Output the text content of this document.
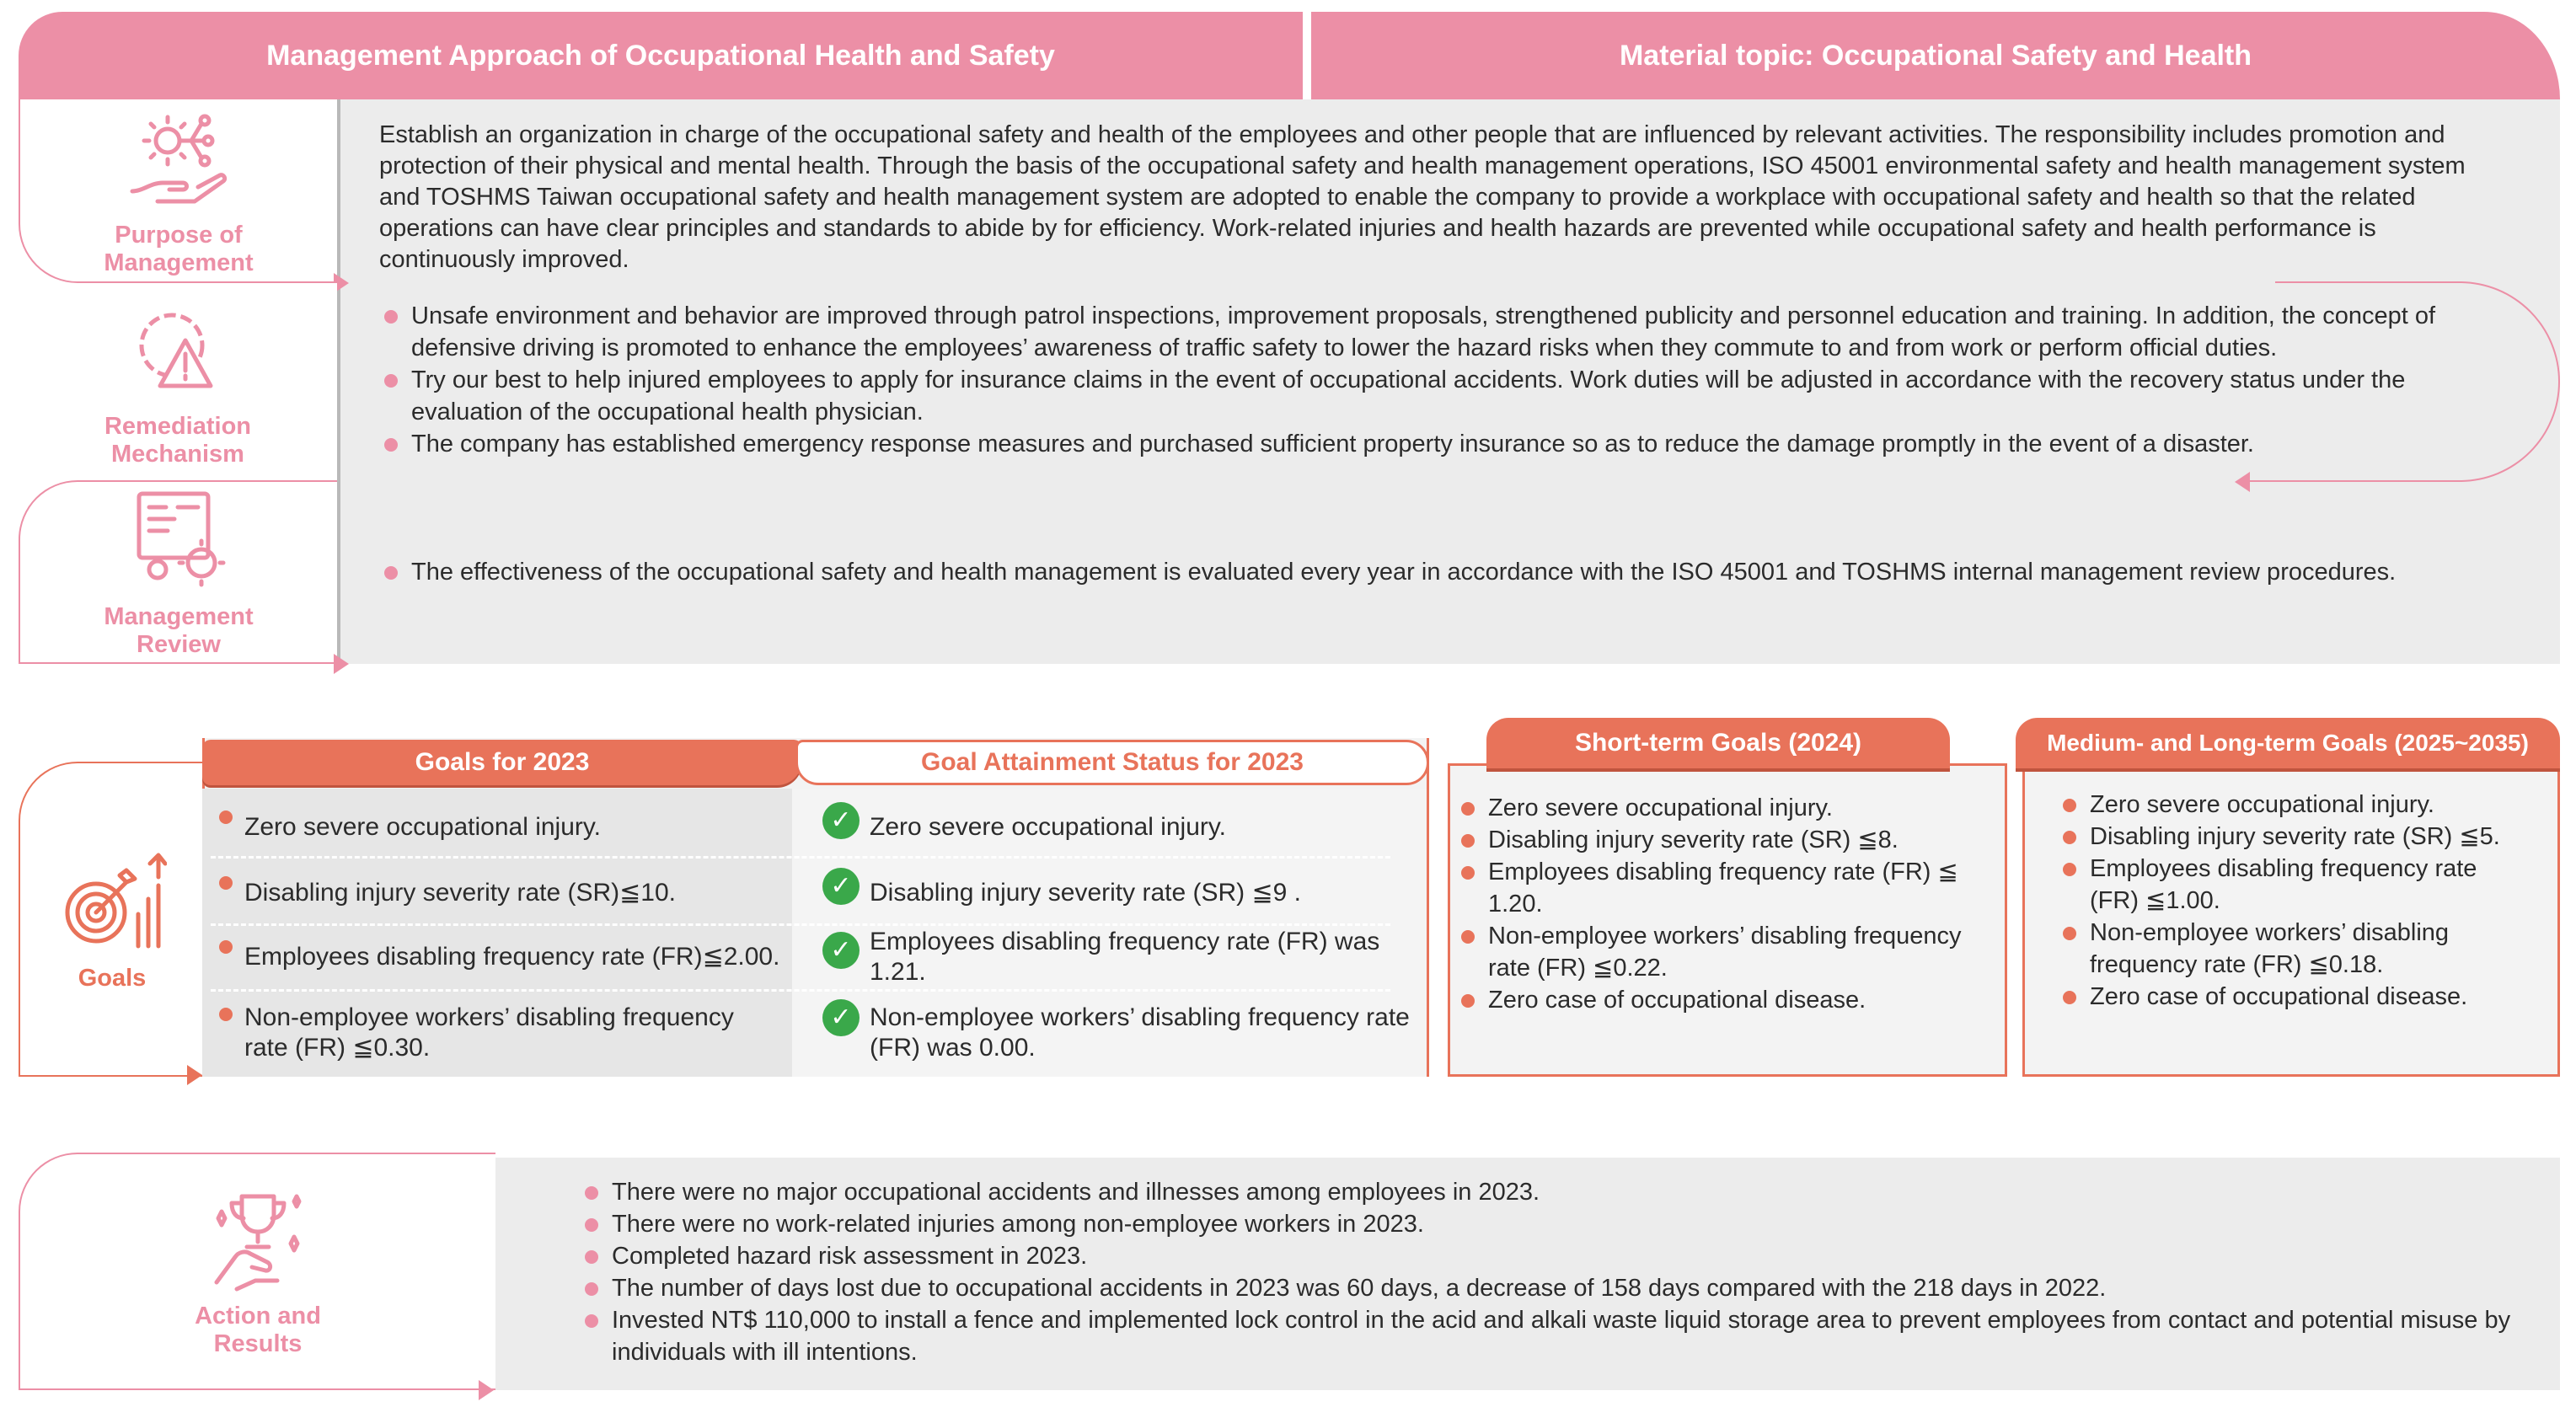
Management Approach of Occupational Health and Safety	Material topic: Occupational Safety and Health
Purpose of
Management
Remediation
Mechanism
Management
Review
Establish an organization in charge of the occupational safety and health of the employees and other people that are influenced by relevant activities. The responsibility includes promotion and protection of their physical and mental health. Through the basis of the occupational safety and health management operations, ISO 45001 environmental safety and health management system and TOSHMS Taiwan occupational safety and health management system are adopted to enable the company to provide a workplace with occupational safety and health so that the related operations can have clear principles and standards to abide by for efficiency. Work-related injuries and health hazards are prevented while occupational safety and health performance is continuously improved.
Unsafe environment and behavior are improved through patrol inspections, improvement proposals, strengthened publicity and personnel education and training. In addition, the concept of defensive driving is promoted to enhance the employees’ awareness of traffic safety to lower the hazard risks when they commute to and from work or perform official duties.
Try our best to help injured employees to apply for insurance claims in the event of occupational accidents. Work duties will be adjusted in accordance with the recovery status under the evaluation of the occupational health physician.
The company has established emergency response measures and purchased sufficient property insurance so as to reduce the damage promptly in the event of a disaster.
The effectiveness of the occupational safety and health management is evaluated every year in accordance with the ISO 45001 and TOSHMS internal management review procedures.
Goals
Goals for 2023	Goal Attainment Status for 2023
Zero severe occupational injury.
Disabling injury severity rate (SR)≦10.
Employees disabling frequency rate (FR)≦2.00.
Non-employee workers’ disabling frequency rate (FR) ≦0.30.
✓ Zero severe occupational injury.
✓ Disabling injury severity rate (SR) ≦9 .
✓ Employees disabling frequency rate (FR) was 1.21.
✓ Non-employee workers’ disabling frequency rate (FR) was 0.00.
Short-term Goals (2024)
Zero severe occupational injury.
Disabling injury severity rate (SR) ≦8.
Employees disabling frequency rate (FR) ≦ 1.20.
Non-employee workers’ disabling frequency rate (FR) ≦0.22.
Zero case of occupational disease.
Medium- and Long-term Goals (2025~2035)
Zero severe occupational injury.
Disabling injury severity rate (SR) ≦5.
Employees disabling frequency rate (FR) ≦1.00.
Non-employee workers’ disabling frequency rate (FR) ≦0.18.
Zero case of occupational disease.
Action and
Results
There were no major occupational accidents and illnesses among employees in 2023.
There were no work-related injuries among non-employee workers in 2023.
Completed hazard risk assessment in 2023.
The number of days lost due to occupational accidents in 2023 was 60 days, a decrease of 158 days compared with the 218 days in 2022.
Invested NT$ 110,000 to install a fence and implemented lock control in the acid and alkali waste liquid storage area to prevent employees from contact and potential misuse by individuals with ill intentions.
